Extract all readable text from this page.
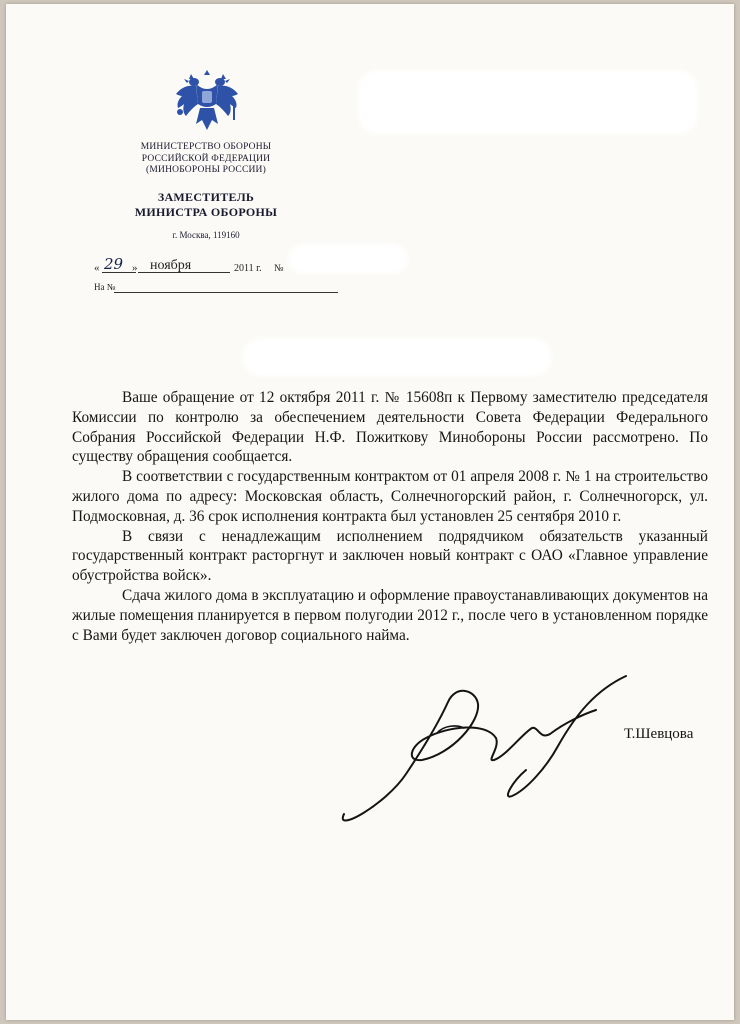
МИНИСТЕРСТВО ОБОРОНЫ
РОССИЙСКОЙ ФЕДЕРАЦИИ
(МИНОБОРОНЫ РОССИИ)
ЗАМЕСТИТЕЛЬ
МИНИСТРА ОБОРОНЫ
г. Москва, 119160
« 29 » ноября	2011 г. №
На №

Ваше обращение от 12 октября 2011 г. № 15608п к Первому заместителю председателя Комиссии по контролю за обеспечением деятельности Совета Федерации Федерального Собрания Российской Федерации Н.Ф. Пожиткову Минобороны России рассмотрено. По существу обращения сообщается.

В соответствии с государственным контрактом от 01 апреля 2008 г. № 1 на строительство жилого дома по адресу: Московская область, Солнечногорский район, г. Солнечногорск, ул. Подмосковная, д. 36 срок исполнения контракта был установлен 25 сентября 2010 г.

В связи с ненадлежащим исполнением подрядчиком обязательств указанный государственный контракт расторгнут и заключен новый контракт с ОАО «Главное управление обустройства войск».

Сдача жилого дома в эксплуатацию и оформление правоустанавливающих документов на жилые помещения планируется в первом полугодии 2012 г., после чего в установленном порядке с Вами будет заключен договор социального найма.

Т.Шевцова
